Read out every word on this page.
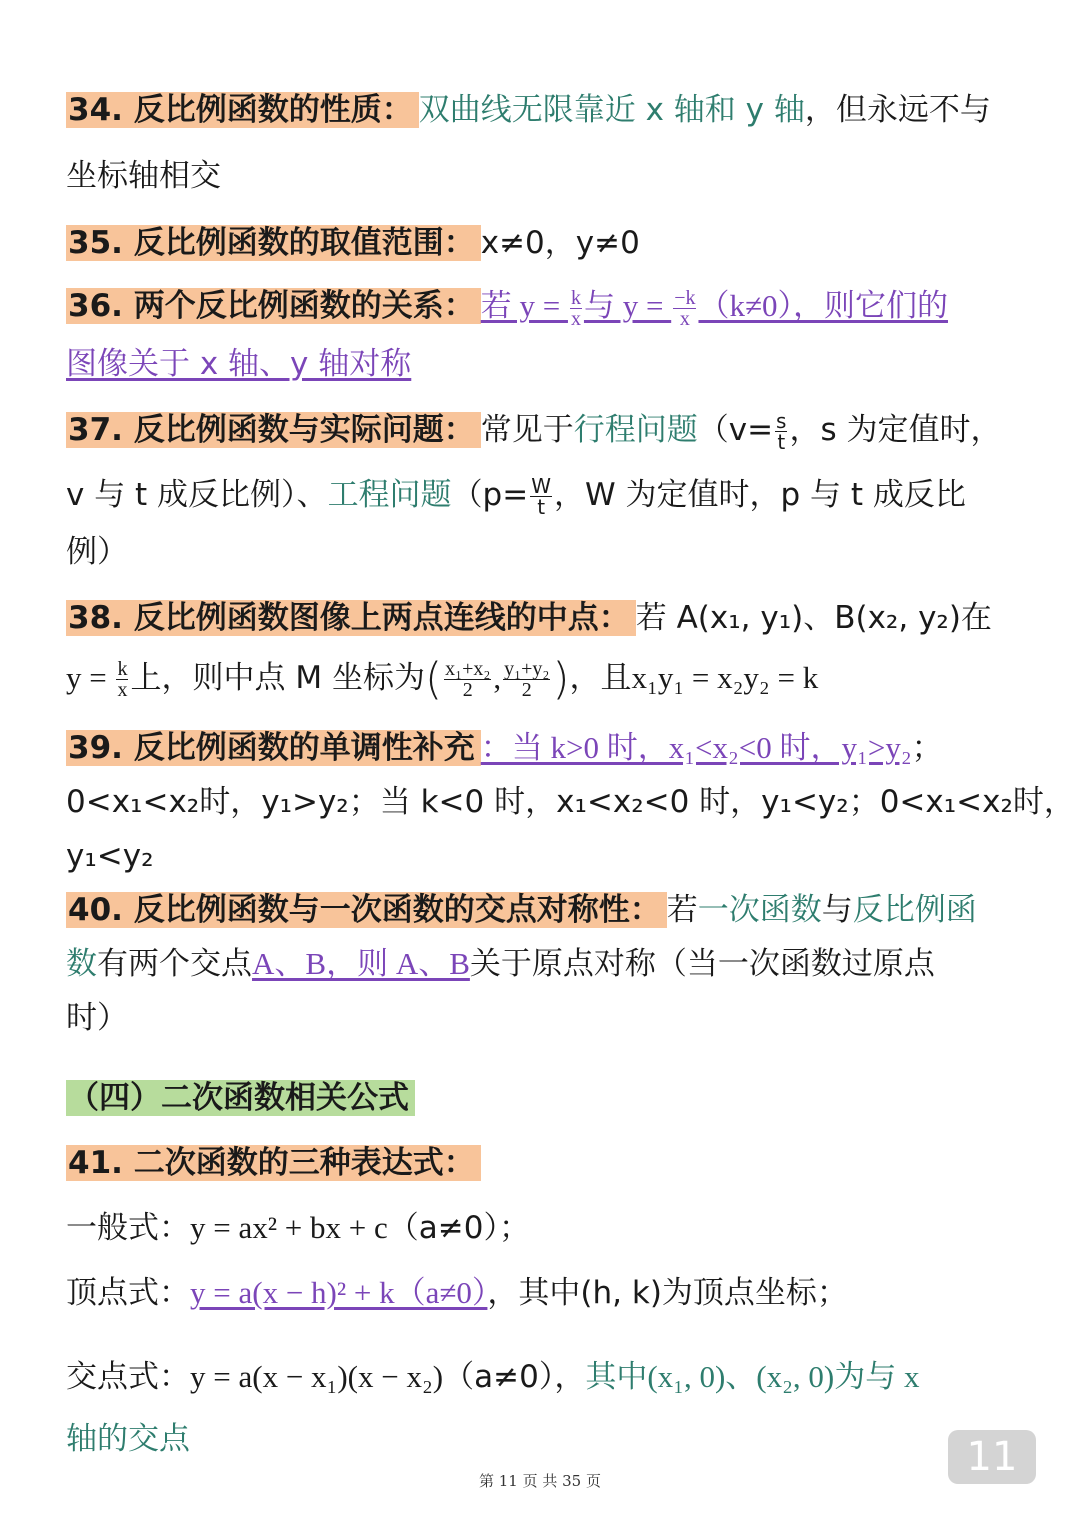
34. 反比例函数的性质： 双曲线无限靠近 x 轴和 y 轴，但永远不与
坐标轴相交
35. 反比例函数的取值范围： x≠0，y≠0
36. 两个反比例函数的关系： 若 $y = \frac{k}{x}$ 与 $y = \frac{-k}{x} (k\ne 0)$，则它们的
图像关于 x 轴、y 轴对称
37. 反比例函数与实际问题： 常见于行程问题（$v= \frac{s}{t}$ ，s 为定值时，
v 与 t 成反比例）、工程问题（$p= \frac{W}{t}$ ，W 为定值时，p 与 t 成反比
例）
38. 反比例函数图像上两点连线的中点： 若 A(x₁, y₁)、B(x₂, y₂)在
$y = \frac{k}{x}$ 上，则中点 M 坐标为( $\frac{\text{x₁+x₂}}{2}$ , $\frac{\text{y₁+y₂}}{2}$ )，且x₁y₁ = x₂y₂ = k
39. 反比例函数的单调性补充 ：当 k>0 时，x₁<x₂<0 时，y₁>y₂；
0<x₁<x₂时，y₁>y₂；当 k<0 时，x₁<x₂<0 时，y₁<y₂；0<x₁<x₂时，
y₁<y₂
40. 反比例函数与一次函数的交点对称性： 若一次函数与反比例函
数有两个交点A、B，则 A、B关于原点对称（当一次函数过原点
时）
（四）二次函数相关公式
41. 二次函数的三种表达式：
一般式：y = ax² + bx + c（a≠0）；
顶点式：y = a(x − h)² + k（a≠0），其中(h, k)为顶点坐标；
交点式：y = a(x − x₁)(x − x₂)（a≠0），其中(x₁, 0)、(x₂, 0)为与 x
轴的交点	11
第 11 页 共 35 页
